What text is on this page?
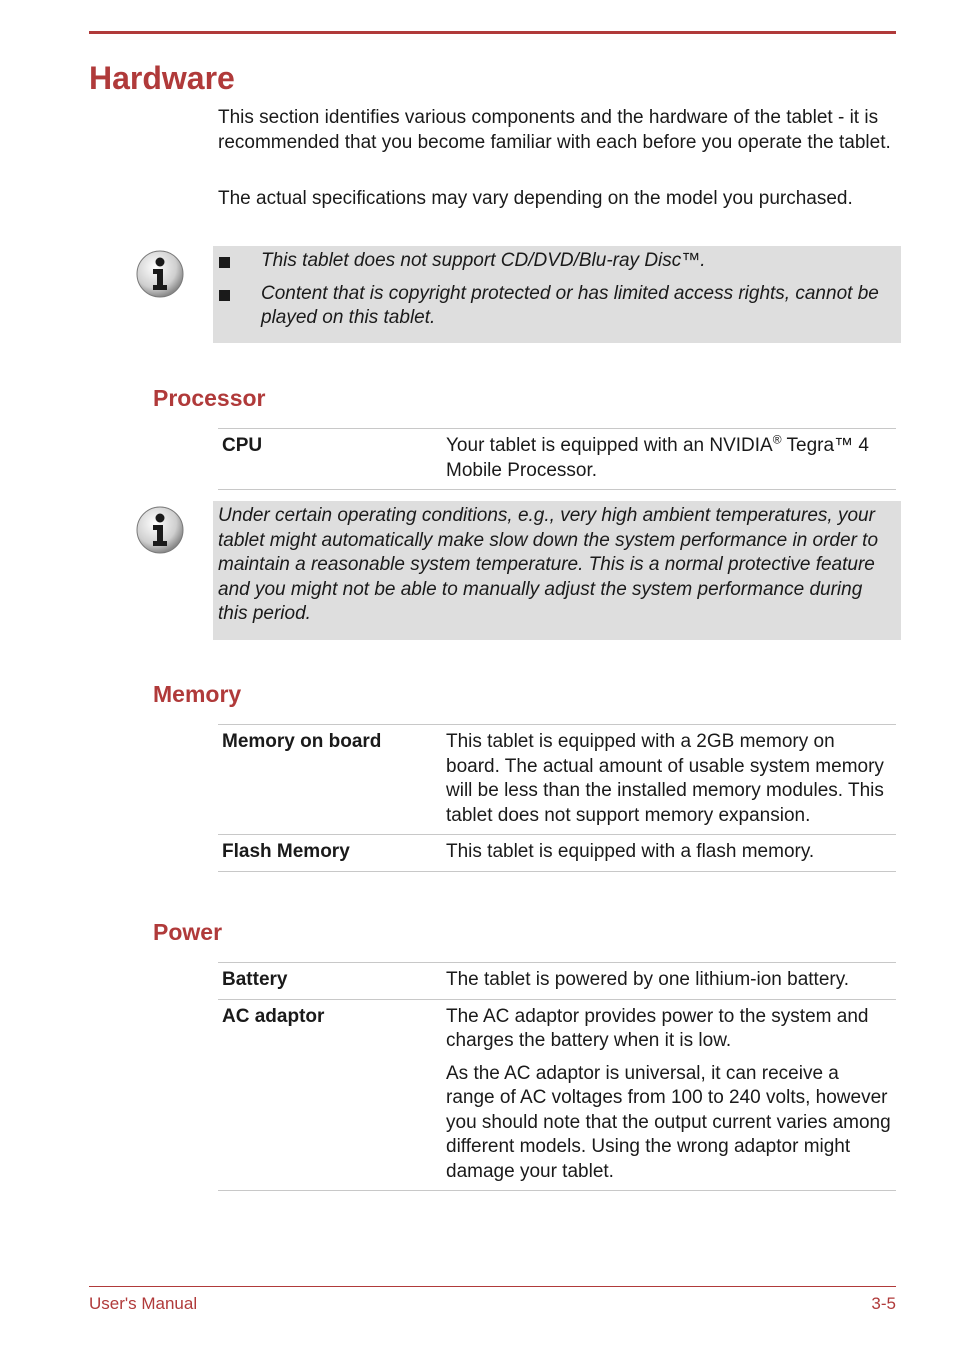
Hardware

This section identifies various components and the hardware of the tablet - it is recommended that you become familiar with each before you operate the tablet.

The actual specifications may vary depending on the model you purchased.

This tablet does not support CD/DVD/Blu-ray Disc™.
Content that is copyright protected or has limited access rights, cannot be played on this tablet.
Processor
CPU	Your tablet is equipped with an NVIDIA® Tegra™ 4 Mobile Processor.

Under certain operating conditions, e.g., very high ambient temperatures, your tablet might automatically make slow down the system performance in order to maintain a reasonable system temperature. This is a normal protective feature and you might not be able to manually adjust the system performance during this period.

Memory
Memory on board	This tablet is equipped with a 2GB memory on board. The actual amount of usable system memory will be less than the installed memory modules. This tablet does not support memory expansion.
Flash Memory	This tablet is equipped with a flash memory.
Power
Battery	The tablet is powered by one lithium-ion battery.
AC adaptor	The AC adaptor provides power to the system and charges the battery when it is low.

As the AC adaptor is universal, it can receive a range of AC voltages from 100 to 240 volts, however you should note that the output current varies among different models. Using the wrong adaptor might damage your tablet.

User's Manual	3-5
